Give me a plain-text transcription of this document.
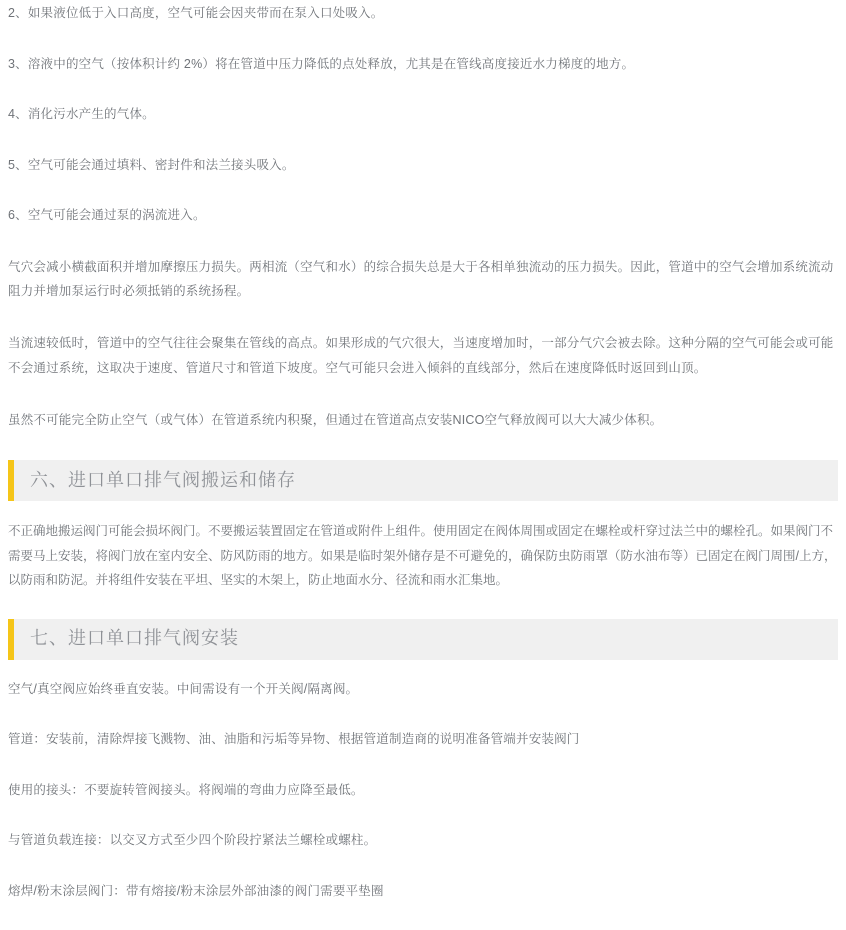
2、如果液位低于入口高度，空气可能会因夹带而在泵入口处吸入。

3、溶液中的空气（按体积计约 2%）将在管道中压力降低的点处释放，尤其是在管线高度接近水力梯度的地方。

4、消化污水产生的气体。

5、空气可能会通过填料、密封件和法兰接头吸入。

6、空气可能会通过泵的涡流进入。

气穴会减小横截面积并增加摩擦压力损失。两相流（空气和水）的综合损失总是大于各相单独流动的压力损失。因此，管道中的空气会增加系统流动阻力并增加泵运行时必须抵销的系统扬程。

当流速较低时，管道中的空气往往会聚集在管线的高点。如果形成的气穴很大，当速度增加时，一部分气穴会被去除。这种分隔的空气可能会或可能不会通过系统，这取决于速度、管道尺寸和管道下坡度。空气可能只会进入倾斜的直线部分，然后在速度降低时返回到山顶。

虽然不可能完全防止空气（或气体）在管道系统内积聚，但通过在管道高点安装NICO空气释放阀可以大大减少体积。

六、进口单口排气阀搬运和储存

不正确地搬运阀门可能会损坏阀门。不要搬运装置固定在管道或附件上组件。使用固定在阀体周围或固定在螺栓或杆穿过法兰中的螺栓孔。如果阀门不需要马上安装，将阀门放在室内安全、防风防雨的地方。如果是临时架外储存是不可避免的，确保防虫防雨罩（防水油布等）已固定在阀门周围/上方，以防雨和防泥。并将组件安装在平坦、坚实的木架上，防止地面水分、径流和雨水汇集地。

七、进口单口排气阀安装

空气/真空阀应始终垂直安装。中间需设有一个开关阀/隔离阀。

管道：安装前，清除焊接飞溅物、油、油脂和污垢等异物、根据管道制造商的说明准备管端并安装阀门

使用的接头：不要旋转管阀接头。将阀端的弯曲力应降至最低。

与管道负载连接：以交叉方式至少四个阶段拧紧法兰螺栓或螺柱。

熔焊/粉末涂层阀门：带有熔接/粉末涂层外部油漆的阀门需要平垫圈
